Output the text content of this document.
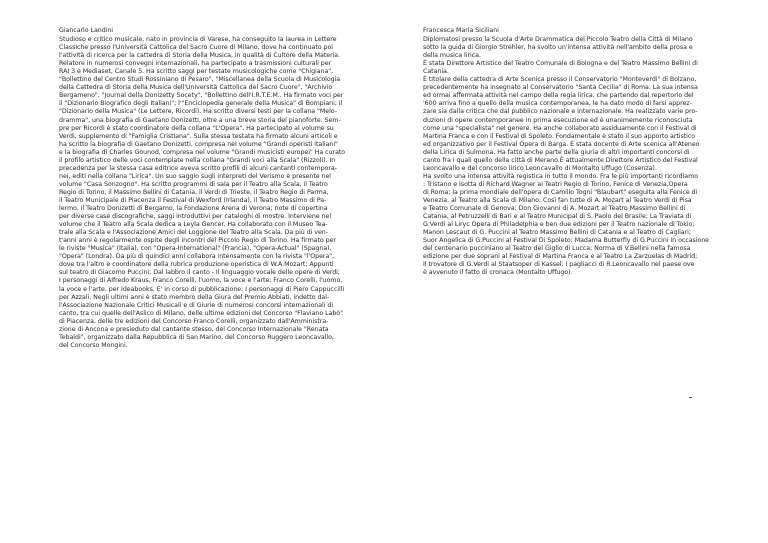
Giancarlo Landini
Studioso e critico musicale, nato in provincia di Varese, ha conseguito la laurea in Lettere
Classiche presso l'Università Cattolica del Sacro Cuore di Milano, dove ha continuato poi
l'attività di ricerca per la cattedra di Storia della Musica, in qualità di Cultore della Materia.
Relatore in numerosi convegni internazionali, ha partecipato a trasmissioni culturali per
RAI 3 e Mediaset, Canale 5. Ha scritto saggi per testate musicologiche come "Chigiana",
"Bollettino del Centro Studi Rossiniano di Pesaro", "Miscellanea della Scuola di Musicologia
della Cattedra di Storia della Musica dell'Università Cattolica del Sacro Cuore", "Archivio
Bergamenо", "Journal della Donizetty Socety", "Bollettino dell'I.R.T.E.M.. Ha firmato voci per
il "Dizionario Biografico degli Italiani"; l'"Enciclopedia generale della Musica" di Bompiani; il
"Dizionario della Musica" (Le Lettere, Ricordi). Ha scritto diversi testi per la collana "Melo-
dramma", una biografia di Gaetano Donizetti, oltre a una breve storia del pianoforte. Sem-
pre per Ricordi è stato coordinatore della collana "L'Opera". Ha partecipato al volume su
Verdi, supplemento di "Famiglia Cristiana". Sulla stessa testata ha firmato alcuni articoli e
ha scritto la biografia di Gaetano Donizetti, compresa nel volume "Grandi operisti italiani"
e la biografia di Charles Gounod, compresa nel volume "Grandi musicisti europei" Ha curato
il profilo artistico delle voci contemplate nella collana "Grandi voci alla Scala" (Rizzoli). In
precedenza per la stessa casa editrice aveva scritto profili di alcuni cantanti contempora-
nei, editi nella collana "Lirica". Un suo saggio sugli interpreti del Verismo è presente nel
volume "Casa Sonzogno". Ha scritto programmi di sala per il Teatro alla Scala, il Teatro
Regio di Torino, il Massimo Bellini di Catania, il Verdi di Trieste, il Teatro Regio di Parma,
il Teatro Municipale di Piacenza il Festival di Wexford (Irlanda), il Teatro Massimo di Pa-
lermo, il Teatro Donizetti di Bergamo, la Fondazione Arena di Verona; note di copertina
per diverse case discografiche, saggi introduttivi per cataloghi di mostre. Interviene nel
volume che il Teatro alla Scala dedica a Leyla Gencer. Ha collaborato con il Museo Tea-
trale alla Scala e l'Associazione Amici del Loggione del Teatro alla Scala. Da più di ven-
t'anni anni è regolarmente ospite degli incontri del Piccolo Regio di Torino. Ha firmato per
le riviste "Musica" (Italia), con "Opera-International" (Francia), "Opera-Actual" (Spagna),
"Opera" (Londra). Da più di quindici anni collabora intensamente con la rivista "l'Opera",
dove tra l'altro è coordinatore della rubrica produzione operistica di W.A.Mozart; Appunti
sul teatro di Giacomo Puccini; Dal labbro il canto - Il linguaggio vocale delle opere di Verdi;
I personaggi di Alfredo Kraus, Franco Corelli, l'uomo, la voce e l'arte; Franco Corelli, l'uomo,
la voce e l'arte, per Ideabooks. E' in corso di pubblicazione: I personaggi di Piero Cappuccilli
per Azzali. Negli ultimi anni è stato membro della Giura del Premio Abbiati, indetto dal-
l'Associazione Nazionale Critici Musicali e di Giurie di numerosi concorsi internazionali di
canto, tra cui quelle dell'Aslico di Milano, delle ultime edizioni del Concorso "Flaviano Labò"
di Piacenza, delle tre edizioni del Concorso Franco Corelli, organizzato dall'Amministra-
zione di Ancona e presieduto dal cantante stesso, del Concorso Internazionale "Renata
Tebaldi", organizzato dalla Repubblica di San Marino, del Concorso Ruggero Leoncavallo,
del Concorso Mongini.
Francesca Maria Siciliani
Diplomatosi presso la Scuola d'Arte Drammatica del Piccolo Teatro della Città di Milano
sotto la guida di Giorgio Strehler, ha svolto un'intensa attività nell'ambito della prosa e
della musica lirica.
È stata Direttore Artistico del Teatro Comunale di Bologna e del Teatro Massimo Bellini di
Catania.
È titolare della cattedra di Arte Scenica presso il Conservatorio "Monteverdi" di Bolzano,
precedentemente ha insegnato al Conservatorio "Santa Cecilia" di Roma. La sua intensa
ed ormai affermata attività nel campo della regia lirica, che partendo dal repertorio del
'600 arriva fino a quello della musica contemporanea, le ha dato modo di farsi apprez-
zare sia dalla critica che dal pubblico nazionale e internazionale. Ha realizzato varie pro-
duzioni di opere contemporanee in prima esecuzione ed è unanimemente riconosciuta
come una "specialista" nel genere. Ha anche collaborato assiduamente con il Festival di
Martina Franca e con il Festival di Spoleto. Fondamentale è stato il suo apporto artistico
ed organizzativo per il Festival Opera di Barga. È stata docente di Arte scenica all'Ateneo
della Lirica di Sulmona. Ha fatto anche parte della giuria di altri importanti concorsi di
canto fra i quali quello della città di Merano.È attualmente Direttore Artistico del Festival
Leoncavallo e del concorso lirico Leoncavallo di Montalto Uffugo (Cosenza).
Ha svolto una intensa attività registica in tutto il mondo. Fra le più importanti ricordiamo
: Tristano e Isotta di Richard Wagner ai Teatri Regio di Torino, Fenice di Venezia,Opera
di Roma; la prima mondiale dell'opera di Camillo Togni "Blaubart" eseguita alla Fenice di
Venezia, al Teatro alla Scala di Milano; Così fan tutte di A. Mozart al Teatro Verdi di Pisa
e Teatro Comunale di Genova; Don Giovanni di A. Mozart al Teatro Massimo Bellini di
Catania, al Petruzzelli di Bari e al Teatro Municipal di S. Paolo del Brasile; La Traviata di
G.Verdi al Liryc Opera di Philadelphia e ben due edizioni per il Teatro nazionale di Tokio;
Manon Lescaut di G. Puccini al Teatro Massimo Bellini di Catania e al Teatro di Cagliari;
Suor Angelica di G.Puccini al Festival Di Spoleto; Madama Butterfly di G.Puccini in occasione
del centenario pucciniano al Teatro del Giglio di Lucca; Norma di V.Bellini nella famosa
edizione per due soprani al Festival di Martina Franca e al Teatro La Zarzuelas di Madrid;
Il trovatore di G.Verdi al Staatsoper di Kassel; I pagliacci di R.Leoncavallo nel paese ove
è avvenuto il fatto di cronaca (Montalto Uffugo).
